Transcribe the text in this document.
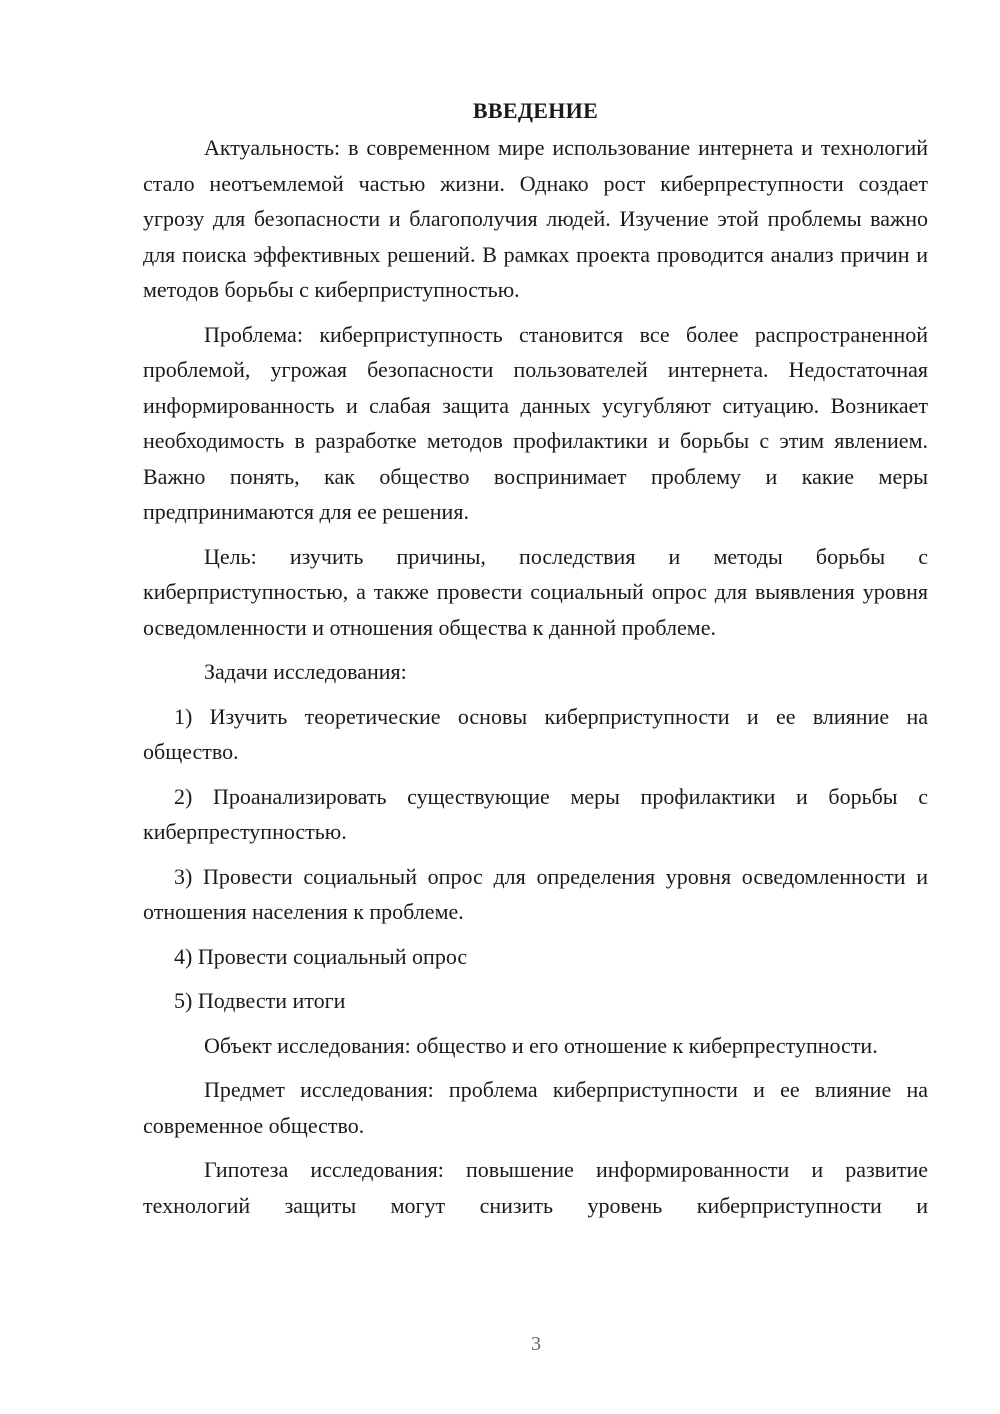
ВВЕДЕНИЕ

Актуальность: в современном мире использование интернета и технологий стало неотъемлемой частью жизни. Однако рост киберпреступности создает угрозу для безопасности и благополучия людей. Изучение этой проблемы важно для поиска эффективных решений. В рамках проекта проводится анализ причин и методов борьбы с киберприступностью.

Проблема: киберприступность становится все более распространенной проблемой, угрожая безопасности пользователей интернета. Недостаточная информированность и слабая защита данных усугубляют ситуацию. Возникает необходимость в разработке методов профилактики и борьбы с этим явлением. Важно понять, как общество воспринимает проблему и какие меры предпринимаются для ее решения.

Цель: изучить причины, последствия и методы борьбы с киберприступностью, а также провести социальный опрос для выявления уровня осведомленности и отношения общества к данной проблеме.

Задачи исследования:

1) Изучить теоретические основы киберприступности и ее влияние на общество.

2) Проанализировать существующие меры профилактики и борьбы с киберпреступностью.

3) Провести социальный опрос для определения уровня осведомленности и отношения населения к проблеме.

4) Провести социальный опрос

5) Подвести итоги

Объект исследования: общество и его отношение к киберпреступности.

Предмет исследования: проблема киберприступности и ее влияние на современное общество.

Гипотеза исследования: повышение информированности и развитие технологий защиты могут снизить уровень киберприступности и

3
